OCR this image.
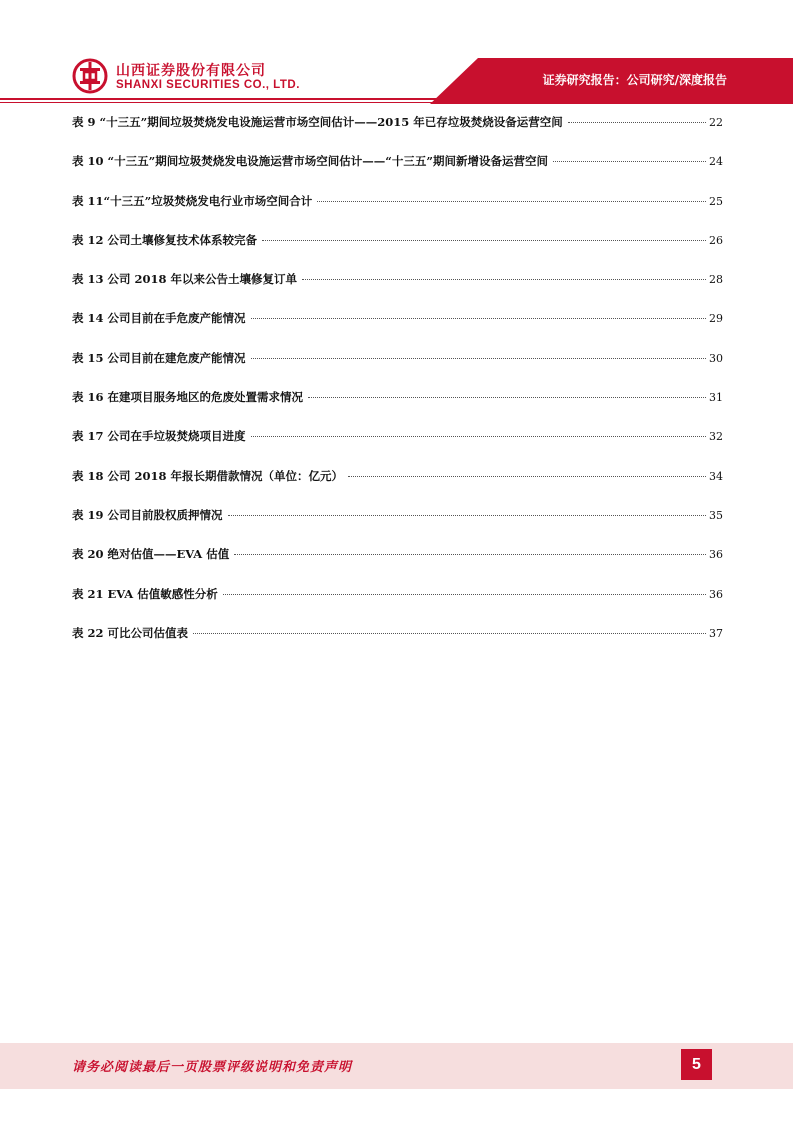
山西证券股份有限公司
SHANXI SECURITIES CO., LTD.	证券研究报告：公司研究/深度报告
表 9 “十三五”期间垃圾焚烧发电设施运营市场空间估计——2015 年已存垃圾焚烧设备运营空间	22
表 10 “十三五”期间垃圾焚烧发电设施运营市场空间估计——“十三五”期间新增设备运营空间	24
表 11“十三五”垃圾焚烧发电行业市场空间合计	25
表 12 公司土壤修复技术体系较完备	26
表 13 公司 2018 年以来公告土壤修复订单	28
表 14 公司目前在手危废产能情况	29
表 15 公司目前在建危废产能情况	30
表 16 在建项目服务地区的危废处置需求情况	31
表 17 公司在手垃圾焚烧项目进度	32
表 18 公司 2018 年报长期借款情况（单位：亿元）	34
表 19 公司目前股权质押情况	35
表 20 绝对估值——EVA 估值	36
表 21 EVA 估值敏感性分析	36
表 22 可比公司估值表	37
请务必阅读最后一页股票评级说明和免责声明	5
